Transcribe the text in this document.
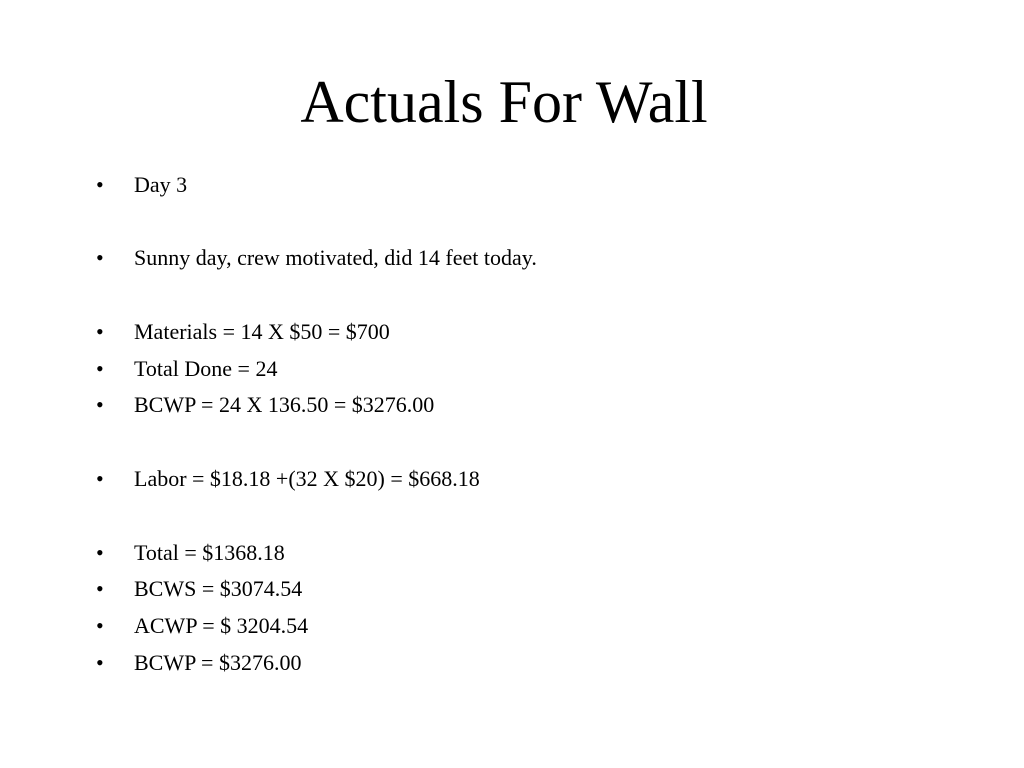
Actuals For Wall
• Day 3
• Sunny day, crew motivated, did 14 feet today.
• Materials = 14 X $50 = $700
• Total Done = 24
• BCWP = 24 X 136.50 = $3276.00
• Labor = $18.18 +(32 X $20) = $668.18
• Total = $1368.18
• BCWS = $3074.54
• ACWP = $ 3204.54
• BCWP = $3276.00
